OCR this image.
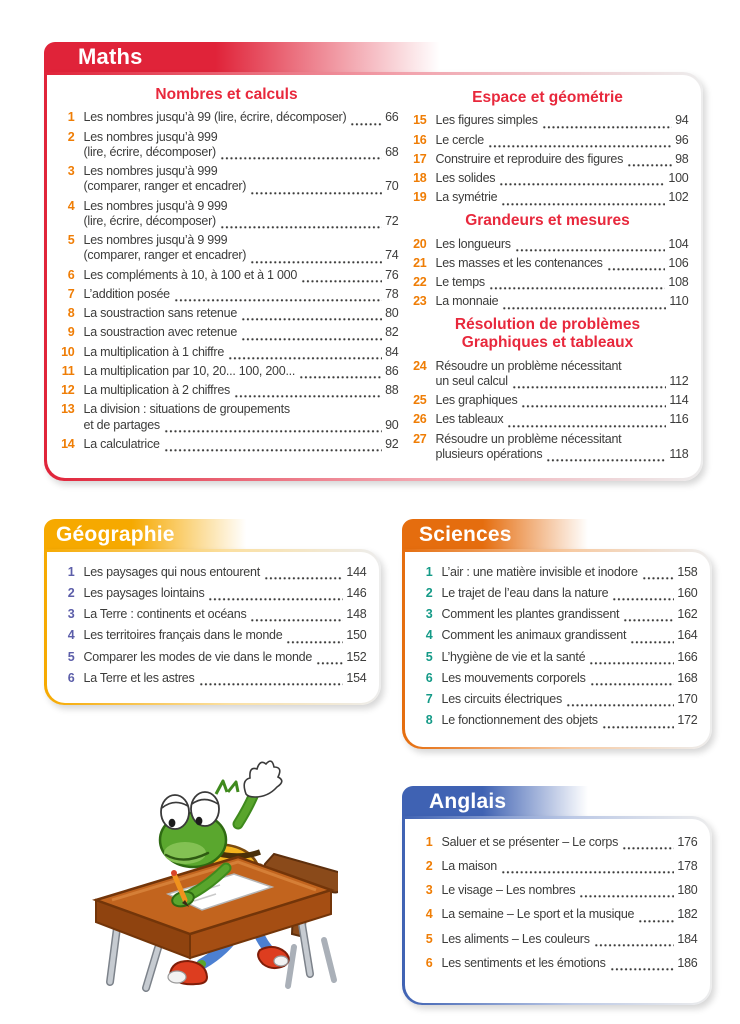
Maths
Nombres et calculs
1 Les nombres jusqu’à 99 (lire, écrire, décomposer)	66
2 Les nombres jusqu’à 999
(lire, écrire, décomposer)	68
3 Les nombres jusqu’à 999
(comparer, ranger et encadrer)	70
4 Les nombres jusqu’à 9 999
(lire, écrire, décomposer)	72
5 Les nombres jusqu’à 9 999
(comparer, ranger et encadrer)	74
6 Les compléments à 10, à 100 et à 1 000	76
7 L’addition posée	78
8 La soustraction sans retenue	80
9 La soustraction avec retenue	82
10 La multiplication à 1 chiffre	84
11 La multiplication par 10, 20... 100, 200...	86
12 La multiplication à 2 chiffres	88
13 La division : situations de groupements
et de partages	90
14 La calculatrice	92
Espace et géométrie
15 Les figures simples	94
16 Le cercle	96
17 Construire et reproduire des figures	98
18 Les solides	100
19 La symétrie	102
Grandeurs et mesures
20 Les longueurs	104
21 Les masses et les contenances	106
22 Le temps	108
23 La monnaie	110
Résolution de problèmes
Graphiques et tableaux
24 Résoudre un problème nécessitant
un seul calcul	112
25 Les graphiques	114
26 Les tableaux	116
27 Résoudre un problème nécessitant
plusieurs opérations	118
Géographie
1 Les paysages qui nous entourent	144
2 Les paysages lointains	146
3 La Terre : continents et océans	148
4 Les territoires français dans le monde	150
5 Comparer les modes de vie dans le monde	152
6 La Terre et les astres	154
Sciences
1 L’air : une matière invisible et inodore	158
2 Le trajet de l’eau dans la nature	160
3 Comment les plantes grandissent	162
4 Comment les animaux grandissent	164
5 L’hygiène de vie et la santé	166
6 Les mouvements corporels	168
7 Les circuits électriques	170
8 Le fonctionnement des objets	172
Anglais
1 Saluer et se présenter – Le corps	176
2 La maison	178
3 Le visage – Les nombres	180
4 La semaine – Le sport et la musique	182
5 Les aliments – Les couleurs	184
6 Les sentiments et les émotions	186
